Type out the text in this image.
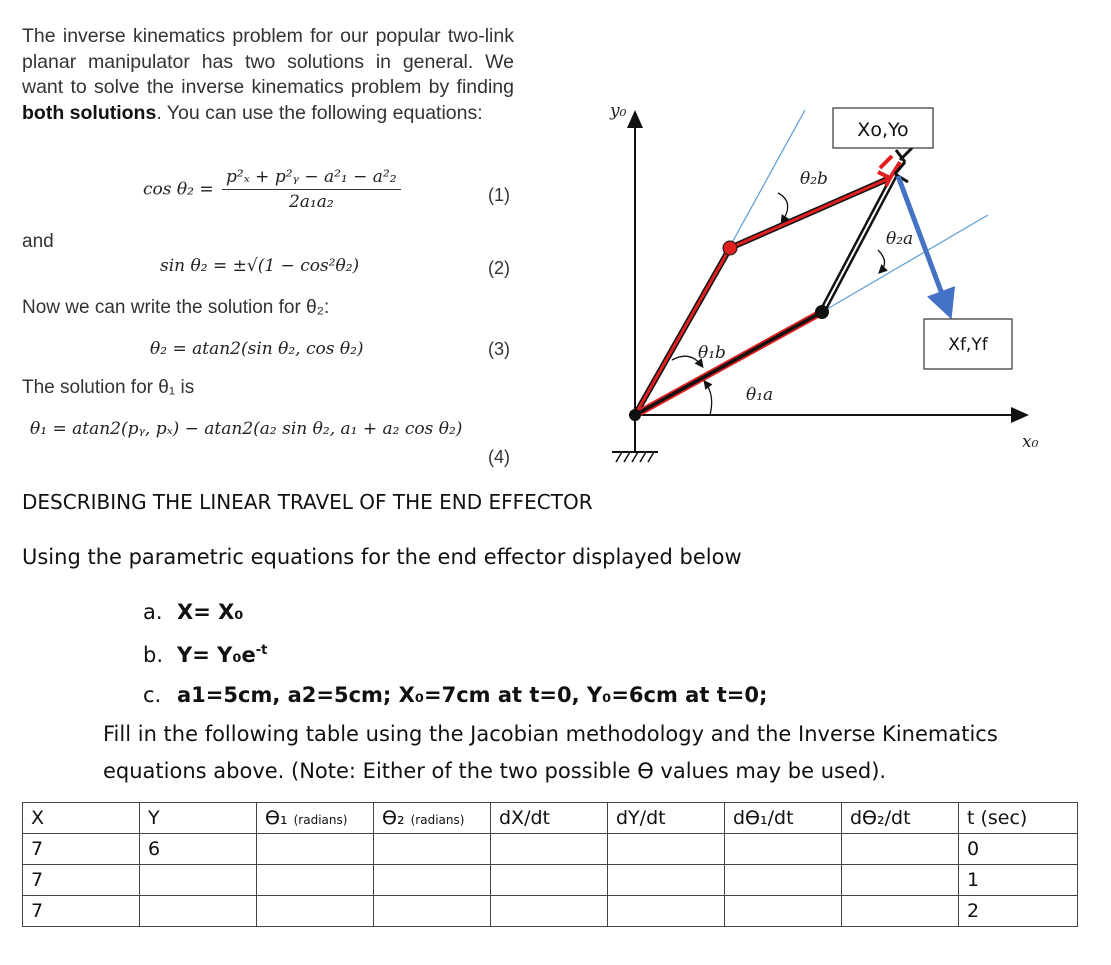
The inverse kinematics problem for our popular two-link planar manipulator has two solutions in general. We want to solve the inverse kinematics problem by finding both solutions. You can use the following equations:
$\cos \theta_2 = \frac{\text{p²ₓ + p²ᵧ − a²₁ − a²₂}}{\text{2a₁a₂}}$	(1)
and
sin θ₂ = ±√(1 − cos²θ₂)	(2)
Now we can write the solution for θ₂:
θ₂ = atan2(sin θ₂, cos θ₂)	(3)
The solution for θ₁ is
θ₁ = atan2(pᵧ, pₓ) − atan2(a₂ sin θ₂, a₁ + a₂ cos θ₂)
(4)
y₀
x₀
θ₁b
θ₁a
θ₂b
θ₂a
Xo,Yo
Xf,Yf
DESCRIBING THE LINEAR TRAVEL OF THE END EFFECTOR
Using the parametric equations for the end effector displayed below
a. X= X₀
b. $Y= Y_0e^{-t}$
c. a1=5cm, a2=5cm; X₀=7cm at t=0, Y₀=6cm at t=0;
Fill in the following table using the Jacobian methodology and the Inverse Kinematics equations above. (Note: Either of the two possible ϴ values may be used).
X	Y	ϴ₁ (radians)	ϴ₂ (radians)	dX/dt	dY/dt	dϴ₁/dt	dϴ₂/dt	t (sec)
7	6							0
7								1
7								2
